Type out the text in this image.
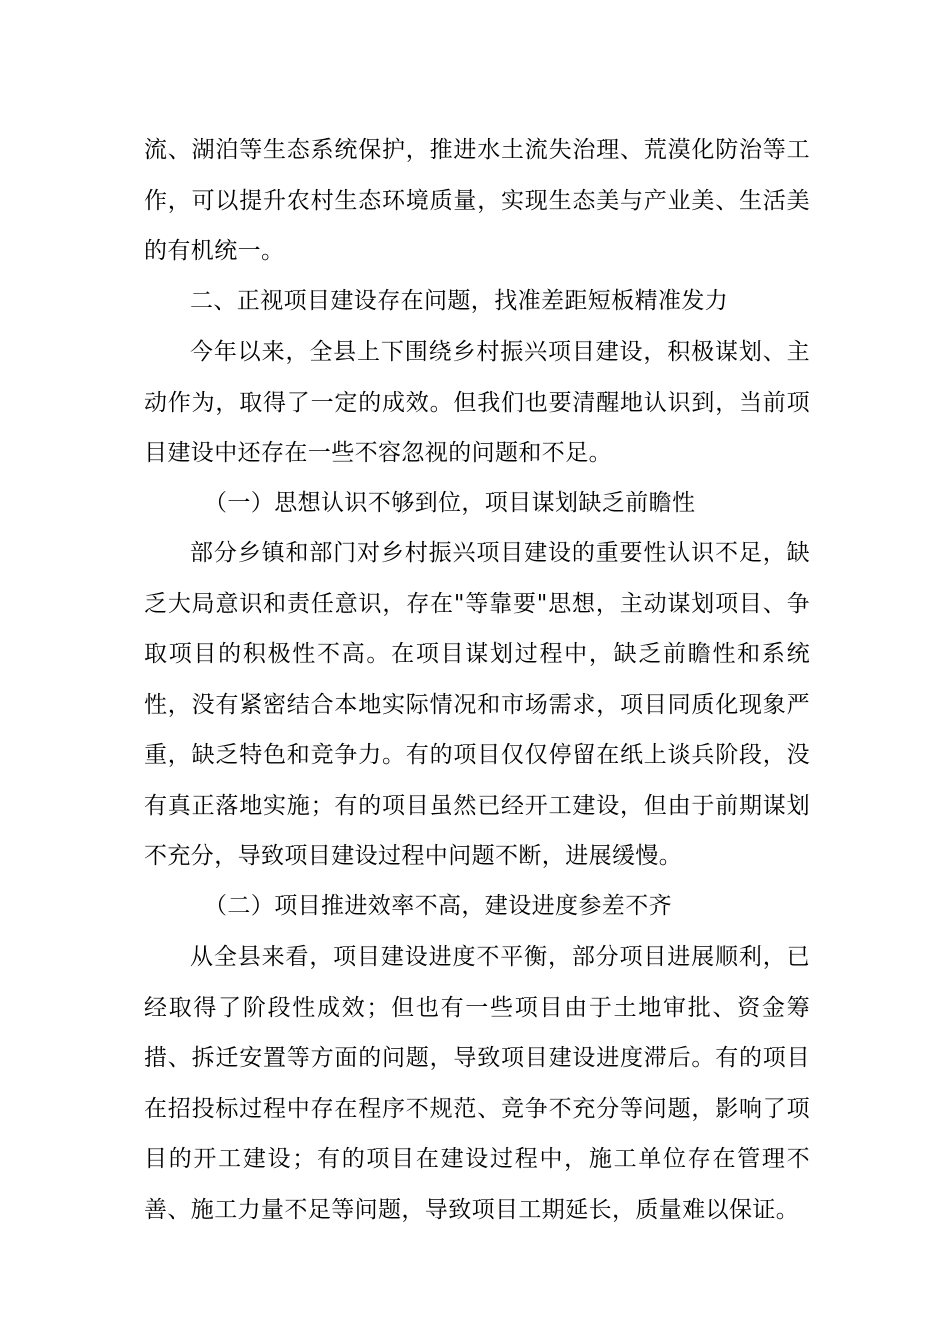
流、湖泊等生态系统保护，推进水土流失治理、荒漠化防治等工作，可以提升农村生态环境质量，实现生态美与产业美、生活美的有机统一。

二、正视项目建设存在问题，找准差距短板精准发力

今年以来，全县上下围绕乡村振兴项目建设，积极谋划、主动作为，取得了一定的成效。但我们也要清醒地认识到，当前项目建设中还存在一些不容忽视的问题和不足。

（一）思想认识不够到位，项目谋划缺乏前瞻性

部分乡镇和部门对乡村振兴项目建设的重要性认识不足，缺乏大局意识和责任意识，存在"等靠要"思想，主动谋划项目、争取项目的积极性不高。在项目谋划过程中，缺乏前瞻性和系统性，没有紧密结合本地实际情况和市场需求，项目同质化现象严重，缺乏特色和竞争力。有的项目仅仅停留在纸上谈兵阶段，没有真正落地实施；有的项目虽然已经开工建设，但由于前期谋划不充分，导致项目建设过程中问题不断，进展缓慢。

（二）项目推进效率不高，建设进度参差不齐

从全县来看，项目建设进度不平衡，部分项目进展顺利，已经取得了阶段性成效；但也有一些项目由于土地审批、资金筹措、拆迁安置等方面的问题，导致项目建设进度滞后。有的项目在招投标过程中存在程序不规范、竞争不充分等问题，影响了项目的开工建设；有的项目在建设过程中，施工单位存在管理不善、施工力量不足等问题，导致项目工期延长，质量难以保证。
